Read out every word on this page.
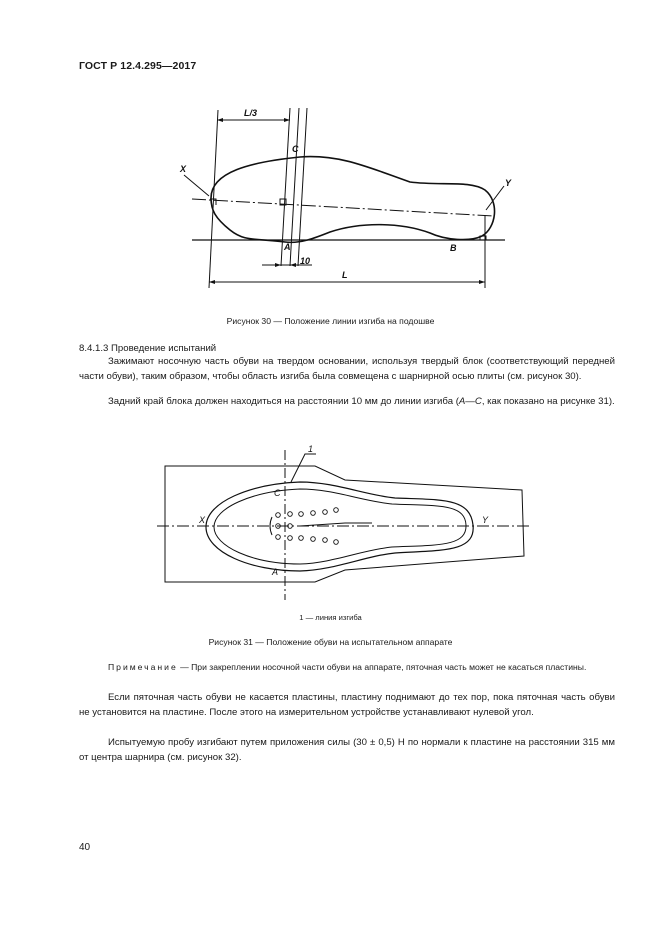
ГОСТ Р 12.4.295—2017
L/3
C
X
Y
A	B
10
L
Рисунок 30 — Положение линии изгиба на подошве
8.4.1.3 Проведение испытаний
Зажимают носочную часть обуви на твердом основании, используя твердый блок (соответствующий передней части обуви), таким образом, чтобы область изгиба была совмещена с шарнирной осью плиты (см. рисунок 30).
Задний край блока должен находиться на расстоянии 10 мм до линии изгиба (А—С, как показано на рисунке 31).
1
C
X	Y
A
1 — линия изгиба
Рисунок 31 — Положение обуви на испытательном аппарате
Примечание — При закреплении носочной части обуви на аппарате, пяточная часть может не касаться пластины.
Если пяточная часть обуви не касается пластины, пластину поднимают до тех пор, пока пяточная часть обуви не установится на пластине. После этого на измерительном устройстве устанавливают нулевой угол.
Испытуемую пробу изгибают путем приложения силы (30 ± 0,5) Н по нормали к пластине на расстоянии 315 мм от центра шарнира (см. рисунок 32).
40
